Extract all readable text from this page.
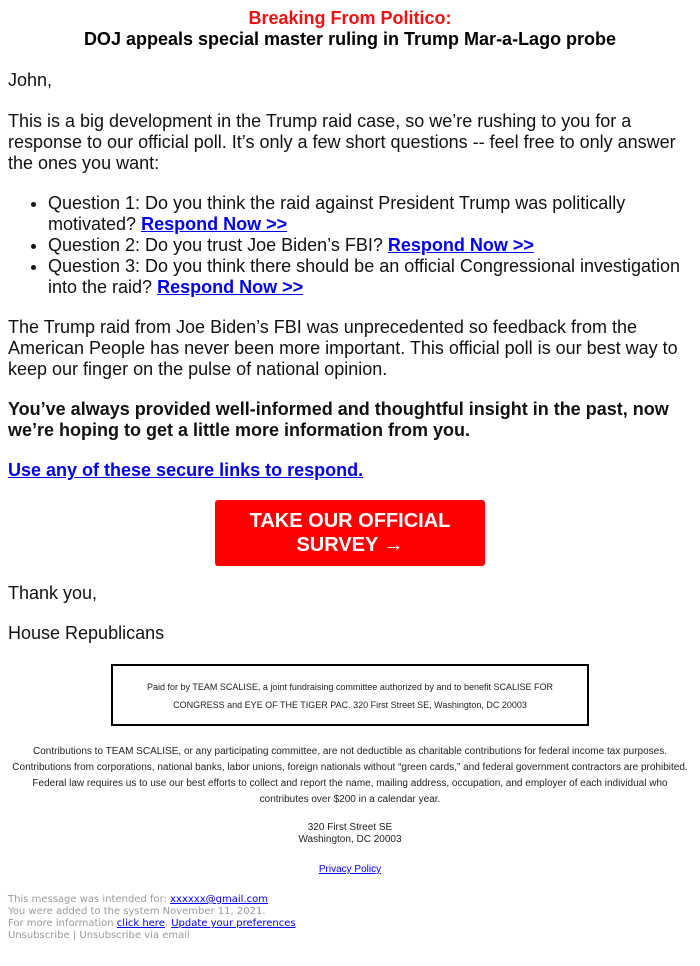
Breaking From Politico:
DOJ appeals special master ruling in Trump Mar-a-Lago probe

John,

This is a big development in the Trump raid case, so we’re rushing to you for a response to our official poll. It’s only a few short questions -- feel free to only answer the ones you want:

• Question 1: Do you think the raid against President Trump was politically motivated? Respond Now >>
• Question 2: Do you trust Joe Biden’s FBI? Respond Now >>
• Question 3: Do you think there should be an official Congressional investigation into the raid? Respond Now >>

The Trump raid from Joe Biden’s FBI was unprecedented so feedback from the American People has never been more important. This official poll is our best way to keep our finger on the pulse of national opinion.

You’ve always provided well-informed and thoughtful insight in the past, now we’re hoping to get a little more information from you.

Use any of these secure links to respond.

TAKE OUR OFFICIAL SURVEY →

Thank you,

House Republicans

Paid for by TEAM SCALISE, a joint fundraising committee authorized by and to benefit SCALISE FOR CONGRESS and EYE OF THE TIGER PAC. 320 First Street SE, Washington, DC 20003
Contributions to TEAM SCALISE, or any participating committee, are not deductible as charitable contributions for federal income tax purposes. Contributions from corporations, national banks, labor unions, foreign nationals without “green cards,” and federal government contractors are prohibited. Federal law requires us to use our best efforts to collect and report the name, mailing address, occupation, and employer of each individual who contributes over $200 in a calendar year.
320 First Street SE
Washington, DC 20003
Privacy Policy
This message was intended for: xxxxxx@gmail.com
You were added to the system November 11, 2021.
For more information click here. Update your preferences
Unsubscribe | Unsubscribe via email
